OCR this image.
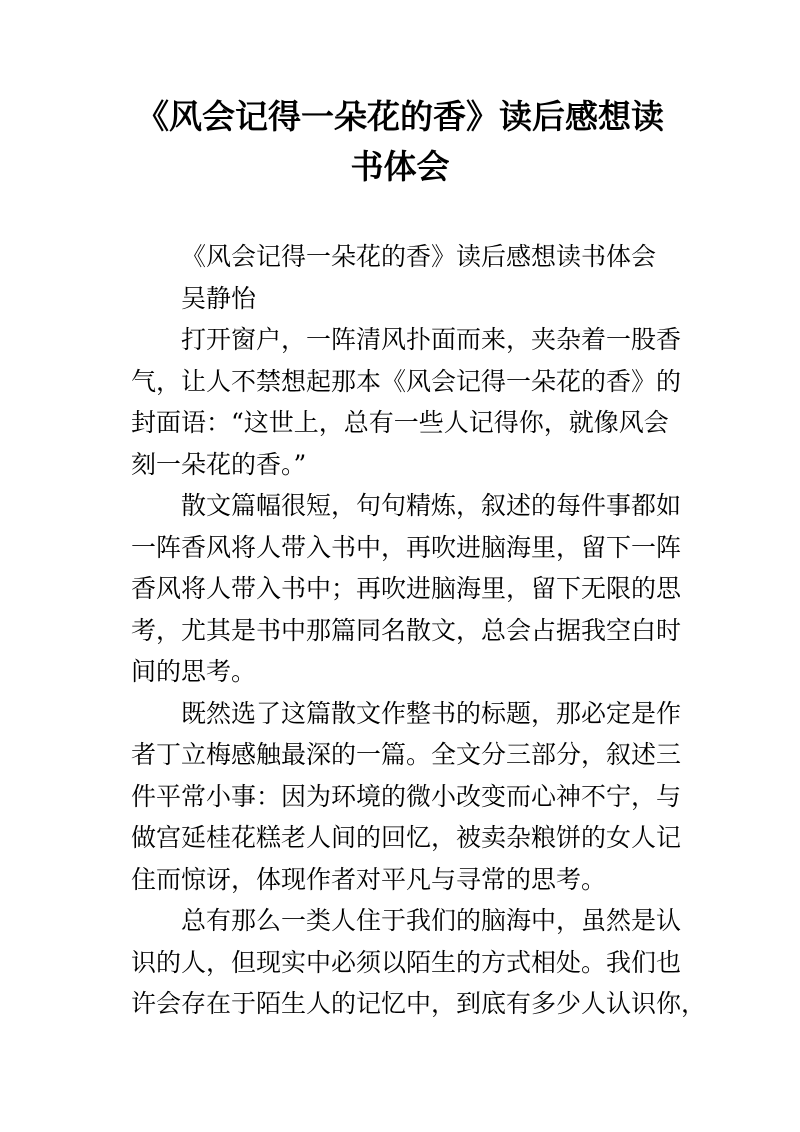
《风会记得一朵花的香》读后感想读
书体会
《风会记得一朵花的香》读后感想读书体会
吴静怡
打开窗户，一阵清风扑面而来，夹杂着一股香
气，让人不禁想起那本《风会记得一朵花的香》的
封面语：“这世上，总有一些人记得你，就像风会
刻一朵花的香。”
散文篇幅很短，句句精炼，叙述的每件事都如
一阵香风将人带入书中，再吹进脑海里，留下一阵
香风将人带入书中；再吹进脑海里，留下无限的思
考，尤其是书中那篇同名散文，总会占据我空白时
间的思考。
既然选了这篇散文作整书的标题，那必定是作
者丁立梅感触最深的一篇。全文分三部分，叙述三
件平常小事：因为环境的微小改变而心神不宁，与
做宫延桂花糕老人间的回忆，被卖杂粮饼的女人记
住而惊讶，体现作者对平凡与寻常的思考。
总有那么一类人住于我们的脑海中，虽然是认
识的人，但现实中必须以陌生的方式相处。我们也
许会存在于陌生人的记忆中，到底有多少人认识你，
